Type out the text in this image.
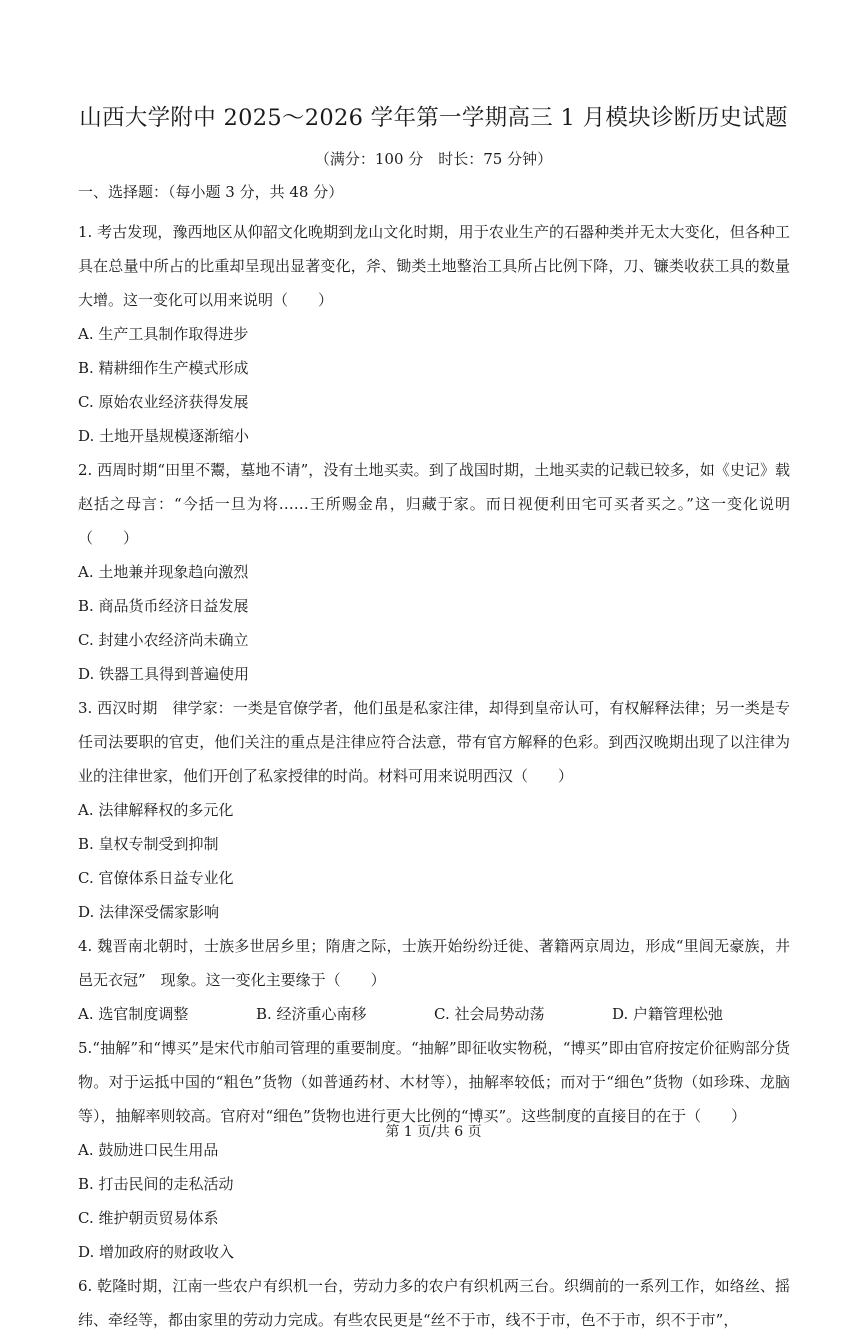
山西大学附中 2025～2026 学年第一学期高三 1 月模块诊断历史试题
（满分：100 分　时长：75 分钟）
一、选择题：（每小题 3 分，共 48 分）

1. 考古发现，豫西地区从仰韶文化晚期到龙山文化时期，用于农业生产的石器种类并无太大变化，但各种工具在总量中所占的比重却呈现出显著变化，斧、锄类土地整治工具所占比例下降，刀、镰类收获工具的数量大增。这一变化可以用来说明（　　）

A. 生产工具制作取得进步
B. 精耕细作生产模式形成
C. 原始农业经济获得发展
D. 土地开垦规模逐渐缩小

2. 西周时期“田里不鬻，墓地不请”，没有土地买卖。到了战国时期，土地买卖的记载已较多，如《史记》载赵括之母言：“今括一旦为将……王所赐金帛，归藏于家。而日视便利田宅可买者买之。”这一变化说明（　　）

A. 土地兼并现象趋向激烈
B. 商品货币经济日益发展
C. 封建小农经济尚未确立
D. 铁器工具得到普遍使用

3. 西汉时期　律学家：一类是官僚学者，他们虽是私家注律，却得到皇帝认可，有权解释法律；另一类是专任司法要职的官吏，他们关注的重点是注律应符合法意，带有官方解释的色彩。到西汉晚期出现了以注律为业的注律世家，他们开创了私家授律的时尚。材料可用来说明西汉（　　）

A. 法律解释权的多元化
B. 皇权专制受到抑制
C. 官僚体系日益专业化
D. 法律深受儒家影响

4. 魏晋南北朝时，士族多世居乡里；隋唐之际，士族开始纷纷迁徙、著籍两京周边，形成“里闾无豪族，井邑无衣冠”　现象。这一变化主要缘于（　　）

A. 选官制度调整	B. 经济重心南移	C. 社会局势动荡	D. 户籍管理松弛

5.“抽解”和“博买”是宋代市舶司管理的重要制度。“抽解”即征收实物税，“博买”即由官府按定价征购部分货物。对于运抵中国的“粗色”货物（如普通药材、木材等），抽解率较低；而对于“细色”货物（如珍珠、龙脑等），抽解率则较高。官府对“细色”货物也进行更大比例的“博买”。这些制度的直接目的在于（　　）

A. 鼓励进口民生用品
B. 打击民间的走私活动
C. 维护朝贡贸易体系
D. 增加政府的财政收入

6. 乾隆时期，江南一些农户有织机一台，劳动力多的农户有织机两三台。织绸前的一系列工作，如络丝、摇纬、牵经等，都由家里的劳动力完成。有些农民更是“丝不于市，线不于市，色不于市，织不于市”，

第 1 页/共 6 页
